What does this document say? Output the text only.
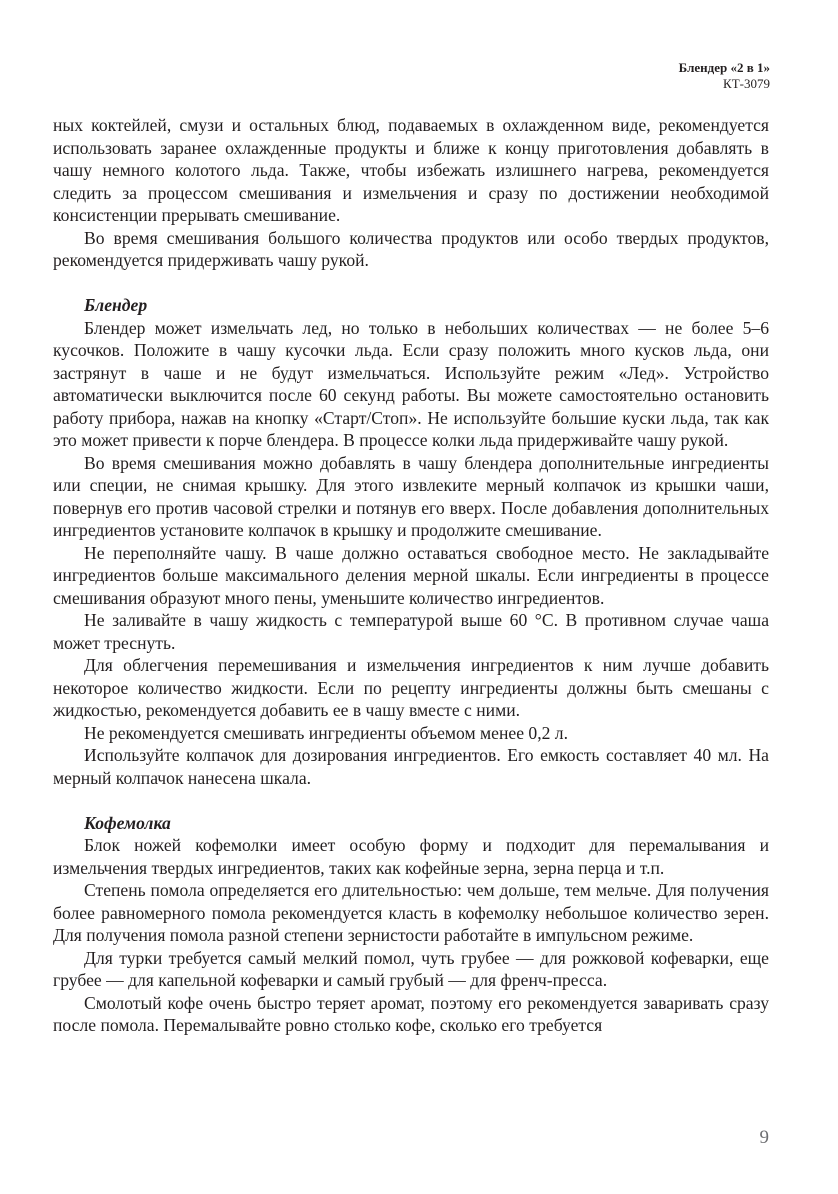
Блендер «2 в 1»
КТ-3079

ных коктейлей, смузи и остальных блюд, подаваемых в охлажденном виде, рекомендуется использовать заранее охлажденные продукты и ближе к концу приготовления добавлять в чашу немного колотого льда. Также, чтобы избежать излишнего нагрева, рекомендуется следить за процессом смешивания и измельчения и сразу по достижении необходимой консистенции прерывать смешивание.

Во время смешивания большого количества продуктов или особо твердых продуктов, рекомендуется придерживать чашу рукой.

Блендер

Блендер может измельчать лед, но только в небольших количествах — не более 5–6 кусочков. Положите в чашу кусочки льда. Если сразу положить много кусков льда, они застрянут в чаше и не будут измельчаться. Используйте режим «Лед». Устройство автоматически выключится после 60 секунд работы. Вы можете самостоятельно остановить работу прибора, нажав на кнопку «Старт/Стоп». Не используйте большие куски льда, так как это может привести к порче блендера. В процессе колки льда придерживайте чашу рукой.

Во время смешивания можно добавлять в чашу блендера дополнительные ингредиенты или специи, не снимая крышку. Для этого извлеките мерный колпачок из крышки чаши, повернув его против часовой стрелки и потянув его вверх. После добавления дополнительных ингредиентов установите колпачок в крышку и продолжите смешивание.

Не переполняйте чашу. В чаше должно оставаться свободное место. Не закладывайте ингредиентов больше максимального деления мерной шкалы. Если ингредиенты в процессе смешивания образуют много пены, уменьшите количество ингредиентов.

Не заливайте в чашу жидкость с температурой выше 60 °С. В противном случае чаша может треснуть.

Для облегчения перемешивания и измельчения ингредиентов к ним лучше добавить некоторое количество жидкости. Если по рецепту ингредиенты должны быть смешаны с жидкостью, рекомендуется добавить ее в чашу вместе с ними.

Не рекомендуется смешивать ингредиенты объемом менее 0,2 л.

Используйте колпачок для дозирования ингредиентов. Его емкость составляет 40 мл. На мерный колпачок нанесена шкала.

Кофемолка

Блок ножей кофемолки имеет особую форму и подходит для перемалывания и измельчения твердых ингредиентов, таких как кофейные зерна, зерна перца и т.п.

Степень помола определяется его длительностью: чем дольше, тем мельче. Для получения более равномерного помола рекомендуется класть в кофемолку небольшое количество зерен. Для получения помола разной степени зернистости работайте в импульсном режиме.

Для турки требуется самый мелкий помол, чуть грубее — для рожковой кофеварки, еще грубее — для капельной кофеварки и самый грубый — для френч-пресса.

Смолотый кофе очень быстро теряет аромат, поэтому его рекомендуется заваривать сразу после помола. Перемалывайте ровно столько кофе, сколько его требуется

9
